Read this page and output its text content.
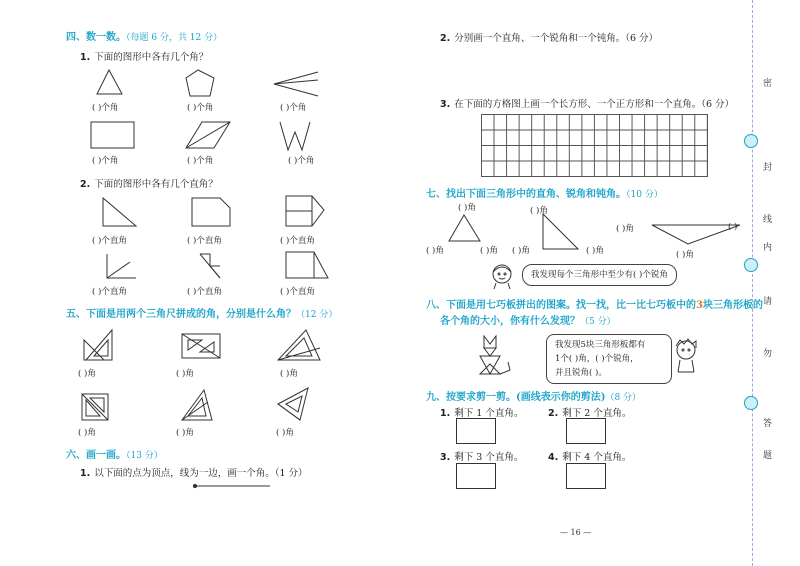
四、数一数。（每题 6 分，共 12 分）
1. 下面的图形中各有几个角？
( )个角	( )个角	( )个角
( )个角	( )个角	( )个角
2. 下面的图形中各有几个直角？
( )个直角	( )个直角	( )个直角
( )个直角	( )个直角	( )个直角
五、下面是用两个三角尺拼成的角，分别是什么角？（12 分）
( )角	( )角	( )角
( )角	( )角	( )角
六、画一画。（13 分）
1. 以下面的点为顶点，线为一边，画一个角。（1 分）
2. 分别画一个直角、一个锐角和一个钝角。（6 分）
3. 在下面的方格图上画一个长方形、一个正方形和一个直角。（6 分）
七、找出下面三角形中的直角、锐角和钝角。（10 分）
( )角
( )角	( )角
( )角
( )角	( )角
( )角	( )
( )角
我发现每个三角形中至少有( )个锐角
八、下面是用七巧板拼出的图案。找一找，比一比七巧板中的3块三角形板的
各个角的大小，你有什么发现？（5 分）
我发现5块三角形板都有
1个( )角，( )个锐角，
并且锐角( )。
九、按要求剪一剪。(画线表示你的剪法)（8 分）
1. 剩下 1 个直角。	2. 剩下 2 个直角。
3. 剩下 3 个直角。	4. 剩下 4 个直角。
— 16 —
密
封
线
内
请
勿
答
题
